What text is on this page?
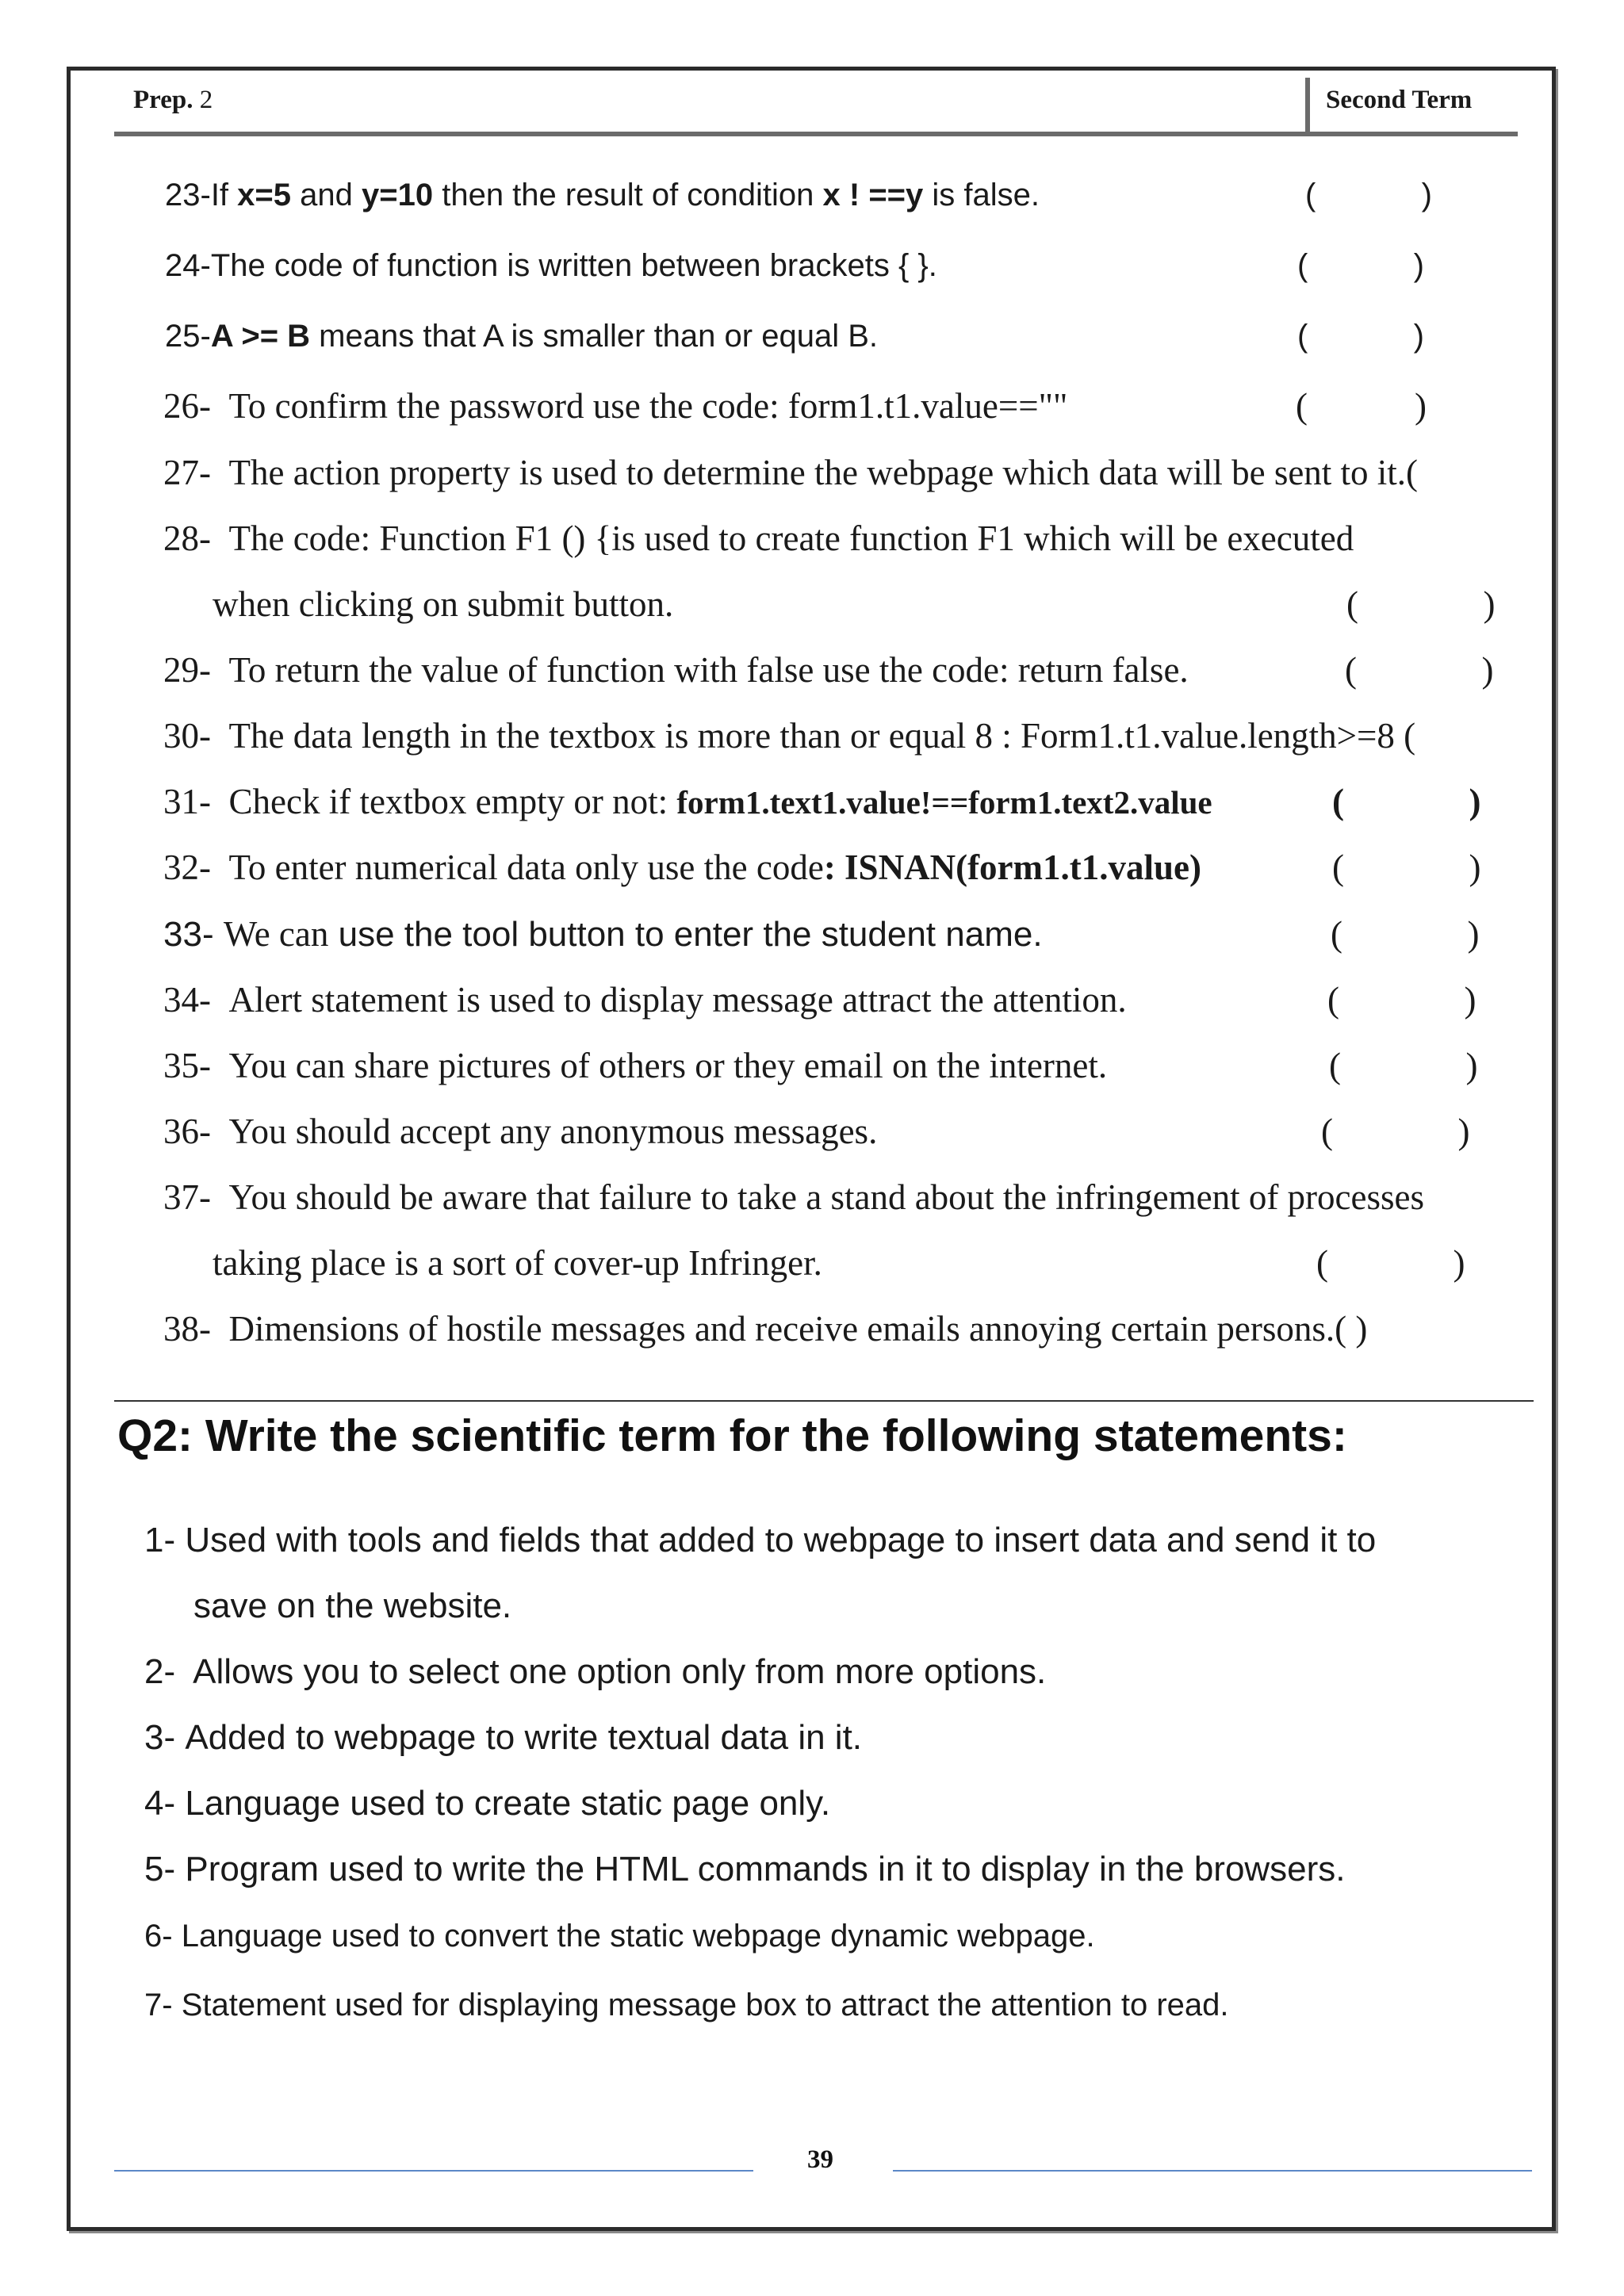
Prep. 2	Second Term
23-If x=5 and y=10 then the result of condition x ! ==y is false.	(            )
24-The code of function is written between brackets { }.	(            )
25-A >= B means that A is smaller than or equal B.	(            )
26- To confirm the password use the code: form1.t1.value==""	(            )
27- The action property is used to determine the webpage which data will be sent to it.(
28- The code: Function F1 () {is used to create function F1 which will be executed
when clicking on submit button.	(              )
29- To return the value of function with false use the code: return false.	(              )
30- The data length in the textbox is more than or equal 8 : Form1.t1.value.length>=8 (
31- Check if textbox empty or not: form1.text1.value!==form1.text2.value	(              )
32- To enter numerical data only use the code: ISNAN(form1.t1.value)	(              )
33- We can use the tool button to enter the student name.	(              )
34- Alert statement is used to display message attract the attention.	(              )
35- You can share pictures of others or they email on the internet.	(              )
36- You should accept any anonymous messages.	(              )
37- You should be aware that failure to take a stand about the infringement of processes
taking place is a sort of cover-up Infringer.	(              )
38- Dimensions of hostile messages and receive emails annoying certain persons.( )
Q2: Write the scientific term for the following statements:
1- Used with tools and fields that added to webpage to insert data and send it to
save on the website.
2-  Allows you to select one option only from more options.
3- Added to webpage to write textual data in it.
4- Language used to create static page only.
5- Program used to write the HTML commands in it to display in the browsers.
6- Language used to convert the static webpage dynamic webpage.
7- Statement used for displaying message box to attract the attention to read.
39
